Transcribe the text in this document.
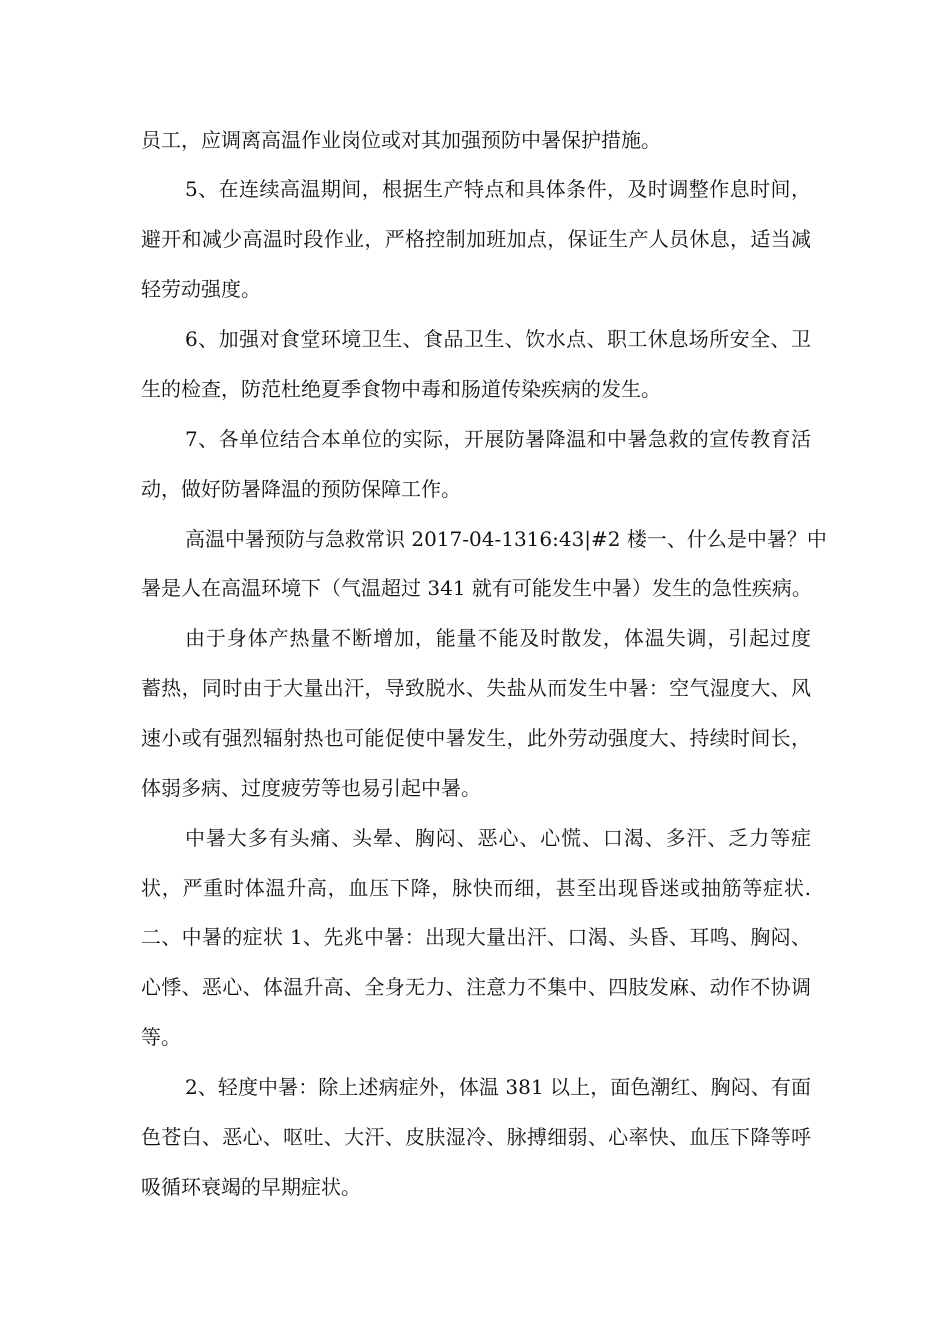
员工，应调离高温作业岗位或对其加强预防中暑保护措施。
5、在连续高温期间，根据生产特点和具体条件，及时调整作息时间，
避开和减少高温时段作业，严格控制加班加点，保证生产人员休息，适当减
轻劳动强度。
6、加强对食堂环境卫生、食品卫生、饮水点、职工休息场所安全、卫
生的检查，防范杜绝夏季食物中毒和肠道传染疾病的发生。
7、各单位结合本单位的实际，开展防暑降温和中暑急救的宣传教育活
动，做好防暑降温的预防保障工作。
高温中暑预防与急救常识 2017-04-1316:43|#2 楼一、什么是中暑？中
暑是人在高温环境下（气温超过 341 就有可能发生中暑）发生的急性疾病。
由于身体产热量不断增加，能量不能及时散发，体温失调，引起过度
蓄热，同时由于大量出汗，导致脱水、失盐从而发生中暑：空气湿度大、风
速小或有强烈辐射热也可能促使中暑发生，此外劳动强度大、持续时间长，
体弱多病、过度疲劳等也易引起中暑。
中暑大多有头痛、头晕、胸闷、恶心、心慌、口渴、多汗、乏力等症
状，严重时体温升高，血压下降，脉快而细，甚至出现昏迷或抽筋等症状.
二、中暑的症状 1、先兆中暑：出现大量出汗、口渴、头昏、耳鸣、胸闷、
心悸、恶心、体温升高、全身无力、注意力不集中、四肢发麻、动作不协调
等。
2、轻度中暑：除上述病症外，体温 381 以上，面色潮红、胸闷、有面
色苍白、恶心、呕吐、大汗、皮肤湿冷、脉搏细弱、心率快、血压下降等呼
吸循环衰竭的早期症状。
